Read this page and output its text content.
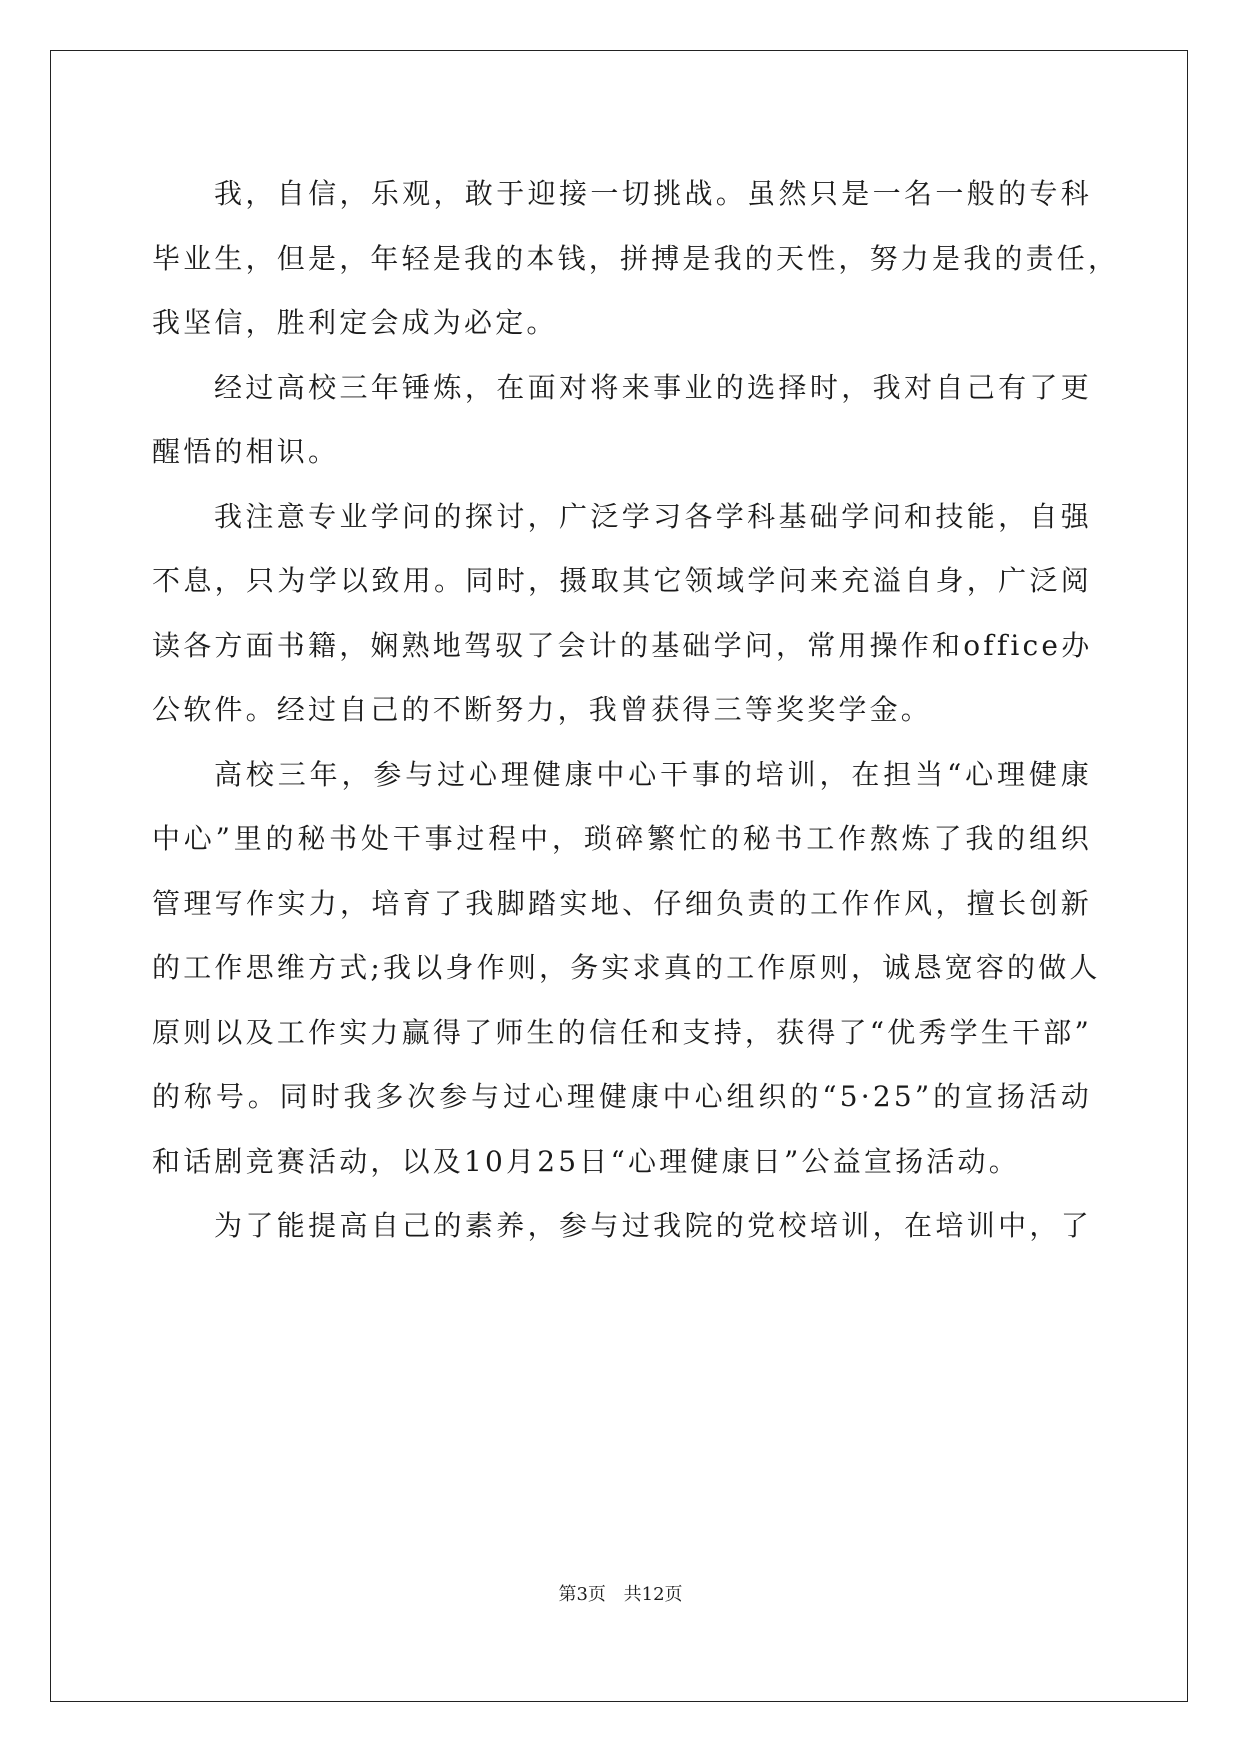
我，自信，乐观，敢于迎接一切挑战。虽然只是一名一般的专科
毕业生，但是，年轻是我的本钱，拼搏是我的天性，努力是我的责任，
我坚信，胜利定会成为必定。
经过高校三年锤炼，在面对将来事业的选择时，我对自己有了更
醒悟的相识。
我注意专业学问的探讨，广泛学习各学科基础学问和技能，自强
不息，只为学以致用。同时，摄取其它领域学问来充溢自身，广泛阅
读各方面书籍，娴熟地驾驭了会计的基础学问，常用操作和office办
公软件。经过自己的不断努力，我曾获得三等奖奖学金。
高校三年，参与过心理健康中心干事的培训，在担当“心理健康
中心”里的秘书处干事过程中，琐碎繁忙的秘书工作熬炼了我的组织
管理写作实力，培育了我脚踏实地、仔细负责的工作作风，擅长创新
的工作思维方式;我以身作则，务实求真的工作原则，诚恳宽容的做人
原则以及工作实力赢得了师生的信任和支持，获得了“优秀学生干部”
的称号。同时我多次参与过心理健康中心组织的“5·25”的宣扬活动
和话剧竞赛活动，以及10月25日“心理健康日”公益宣扬活动。
为了能提高自己的素养，参与过我院的党校培训，在培训中，了
第3页 共12页
